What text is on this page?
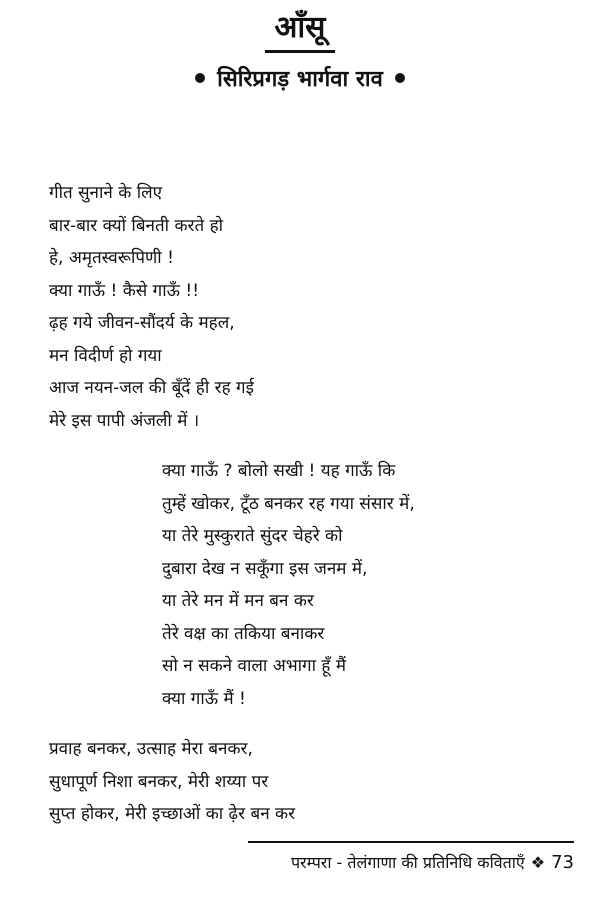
आँसू
सिरिप्रगड़ भार्गवा राव
गीत सुनाने के लिए
बार-बार क्यों बिनती करते हो
हे, अमृतस्वरूपिणी !
क्या गाऊँ ! कैसे गाऊँ !!
ढ़ह गये जीवन-सौंदर्य के महल,
मन विदीर्ण हो गया
आज नयन-जल की बूँदें ही रह गई
मेरे इस पापी अंजली में ।
क्या गाऊँ ? बोलो सखी ! यह गाऊँ कि
तुम्हें खोकर, टूँठ बनकर रह गया संसार में,
या तेरे मुस्कुराते सुंदर चेहरे को
दुबारा देख न सकूँगा इस जनम में,
या तेरे मन में मन बन कर
तेरे वक्ष का तकिया बनाकर
सो न सकने वाला अभागा हूँ मैं
क्या गाऊँ मैं !
प्रवाह बनकर, उत्साह मेरा बनकर,
सुधापूर्ण निशा बनकर, मेरी शय्या पर
सुप्त होकर, मेरी इच्छाओं का ढ़ेर बन कर
परम्परा - तेलंगाणा की प्रतिनिधि कविताएँ ❖ 73
